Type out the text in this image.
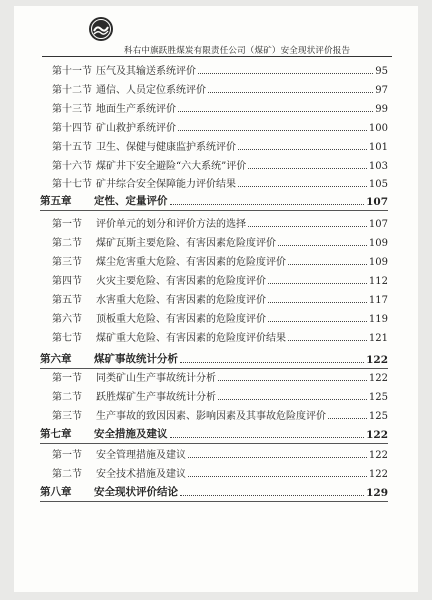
科右中旗跃胜煤炭有限责任公司（煤矿）安全现状评价报告
第十一节 压气及其输送系统评价	95
第十二节 通信、人员定位系统评价	97
第十三节 地面生产系统评价	99
第十四节 矿山救护系统评价	100
第十五节 卫生、保健与健康监护系统评价	101
第十六节 煤矿井下安全避险“六大系统”评价	103
第十七节 矿井综合安全保障能力评价结果	105
第五章	定性、定量评价	107
第一节	评价单元的划分和评价方法的选择	107
第二节	煤矿瓦斯主要危险、有害因素危险度评价	109
第三节	煤尘危害重大危险、有害因素的危险度评价	109
第四节	火灾主要危险、有害因素的危险度评价	112
第五节	水害重大危险、有害因素的危险度评价	117
第六节	顶板重大危险、有害因素的危险度评价	119
第七节	煤矿重大危险、有害因素的危险度评价结果	121
第六章	煤矿事故统计分析	122
第一节	同类矿山生产事故统计分析	122
第二节	跃胜煤矿生产事故统计分析	125
第三节	生产事故的致因因素、影响因素及其事故危险度评价	125
第七章	安全措施及建议	122
第一节	安全管理措施及建议	122
第二节	安全技术措施及建议	122
第八章	安全现状评价结论	129
